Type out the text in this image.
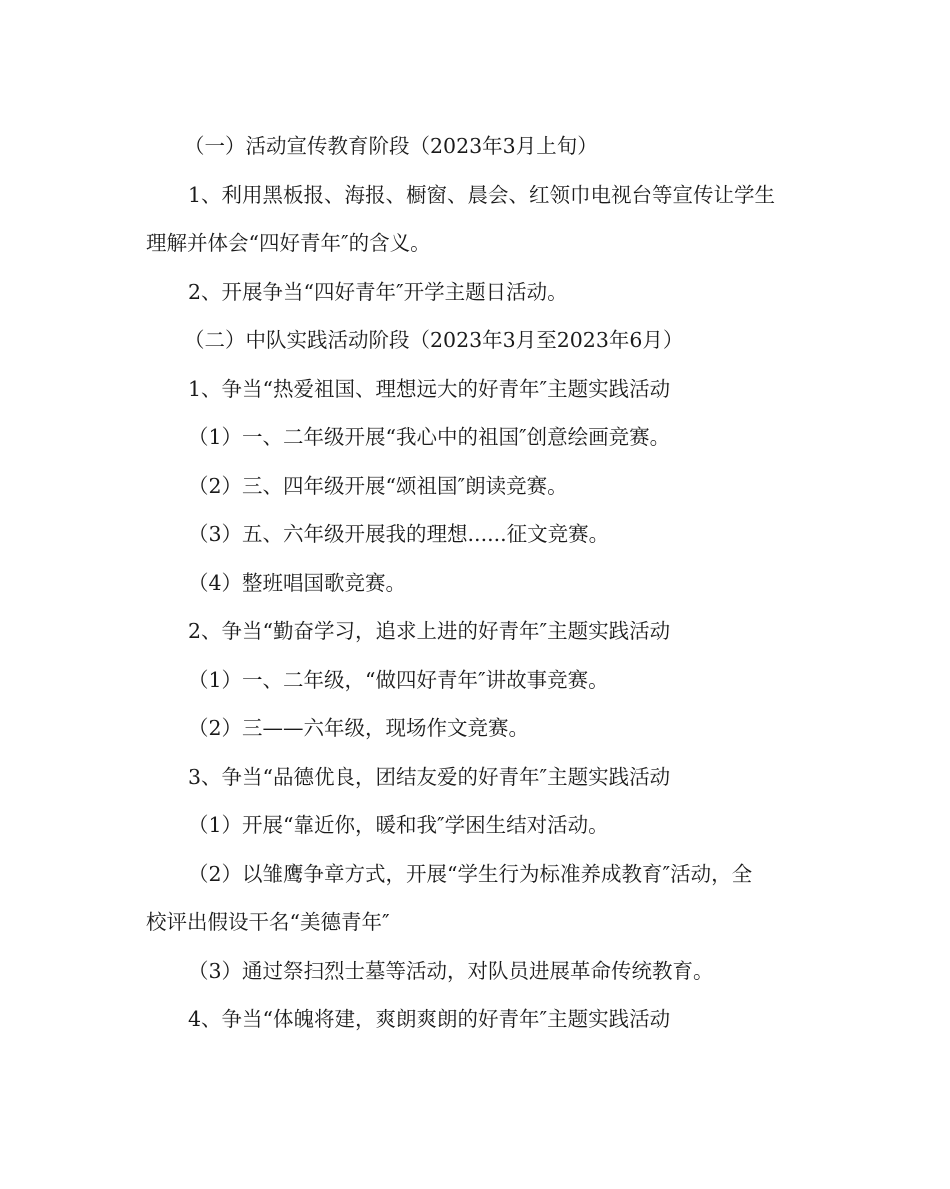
（一）活动宣传教育阶段（2023年3月上旬）
1、利用黑板报、海报、橱窗、晨会、红领巾电视台等宣传让学生
理解并体会“四好青年″的含义。
2、开展争当“四好青年″开学主题日活动。
（二）中队实践活动阶段（2023年3月至2023年6月）
1、争当“热爱祖国、理想远大的好青年″主题实践活动
（1）一、二年级开展“我心中的祖国″创意绘画竞赛。
（2）三、四年级开展“颂祖国″朗读竞赛。
（3）五、六年级开展我的理想......征文竞赛。
（4）整班唱国歌竞赛。
2、争当“勤奋学习，追求上进的好青年″主题实践活动
（1）一、二年级，“做四好青年″讲故事竞赛。
（2）三——六年级，现场作文竞赛。
3、争当“品德优良，团结友爱的好青年″主题实践活动
（1）开展“靠近你，暖和我″学困生结对活动。
（2）以雏鹰争章方式，开展“学生行为标准养成教育″活动，全
校评出假设干名“美德青年″
（3）通过祭扫烈士墓等活动，对队员进展革命传统教育。
4、争当“体魄将建，爽朗爽朗的好青年″主题实践活动
